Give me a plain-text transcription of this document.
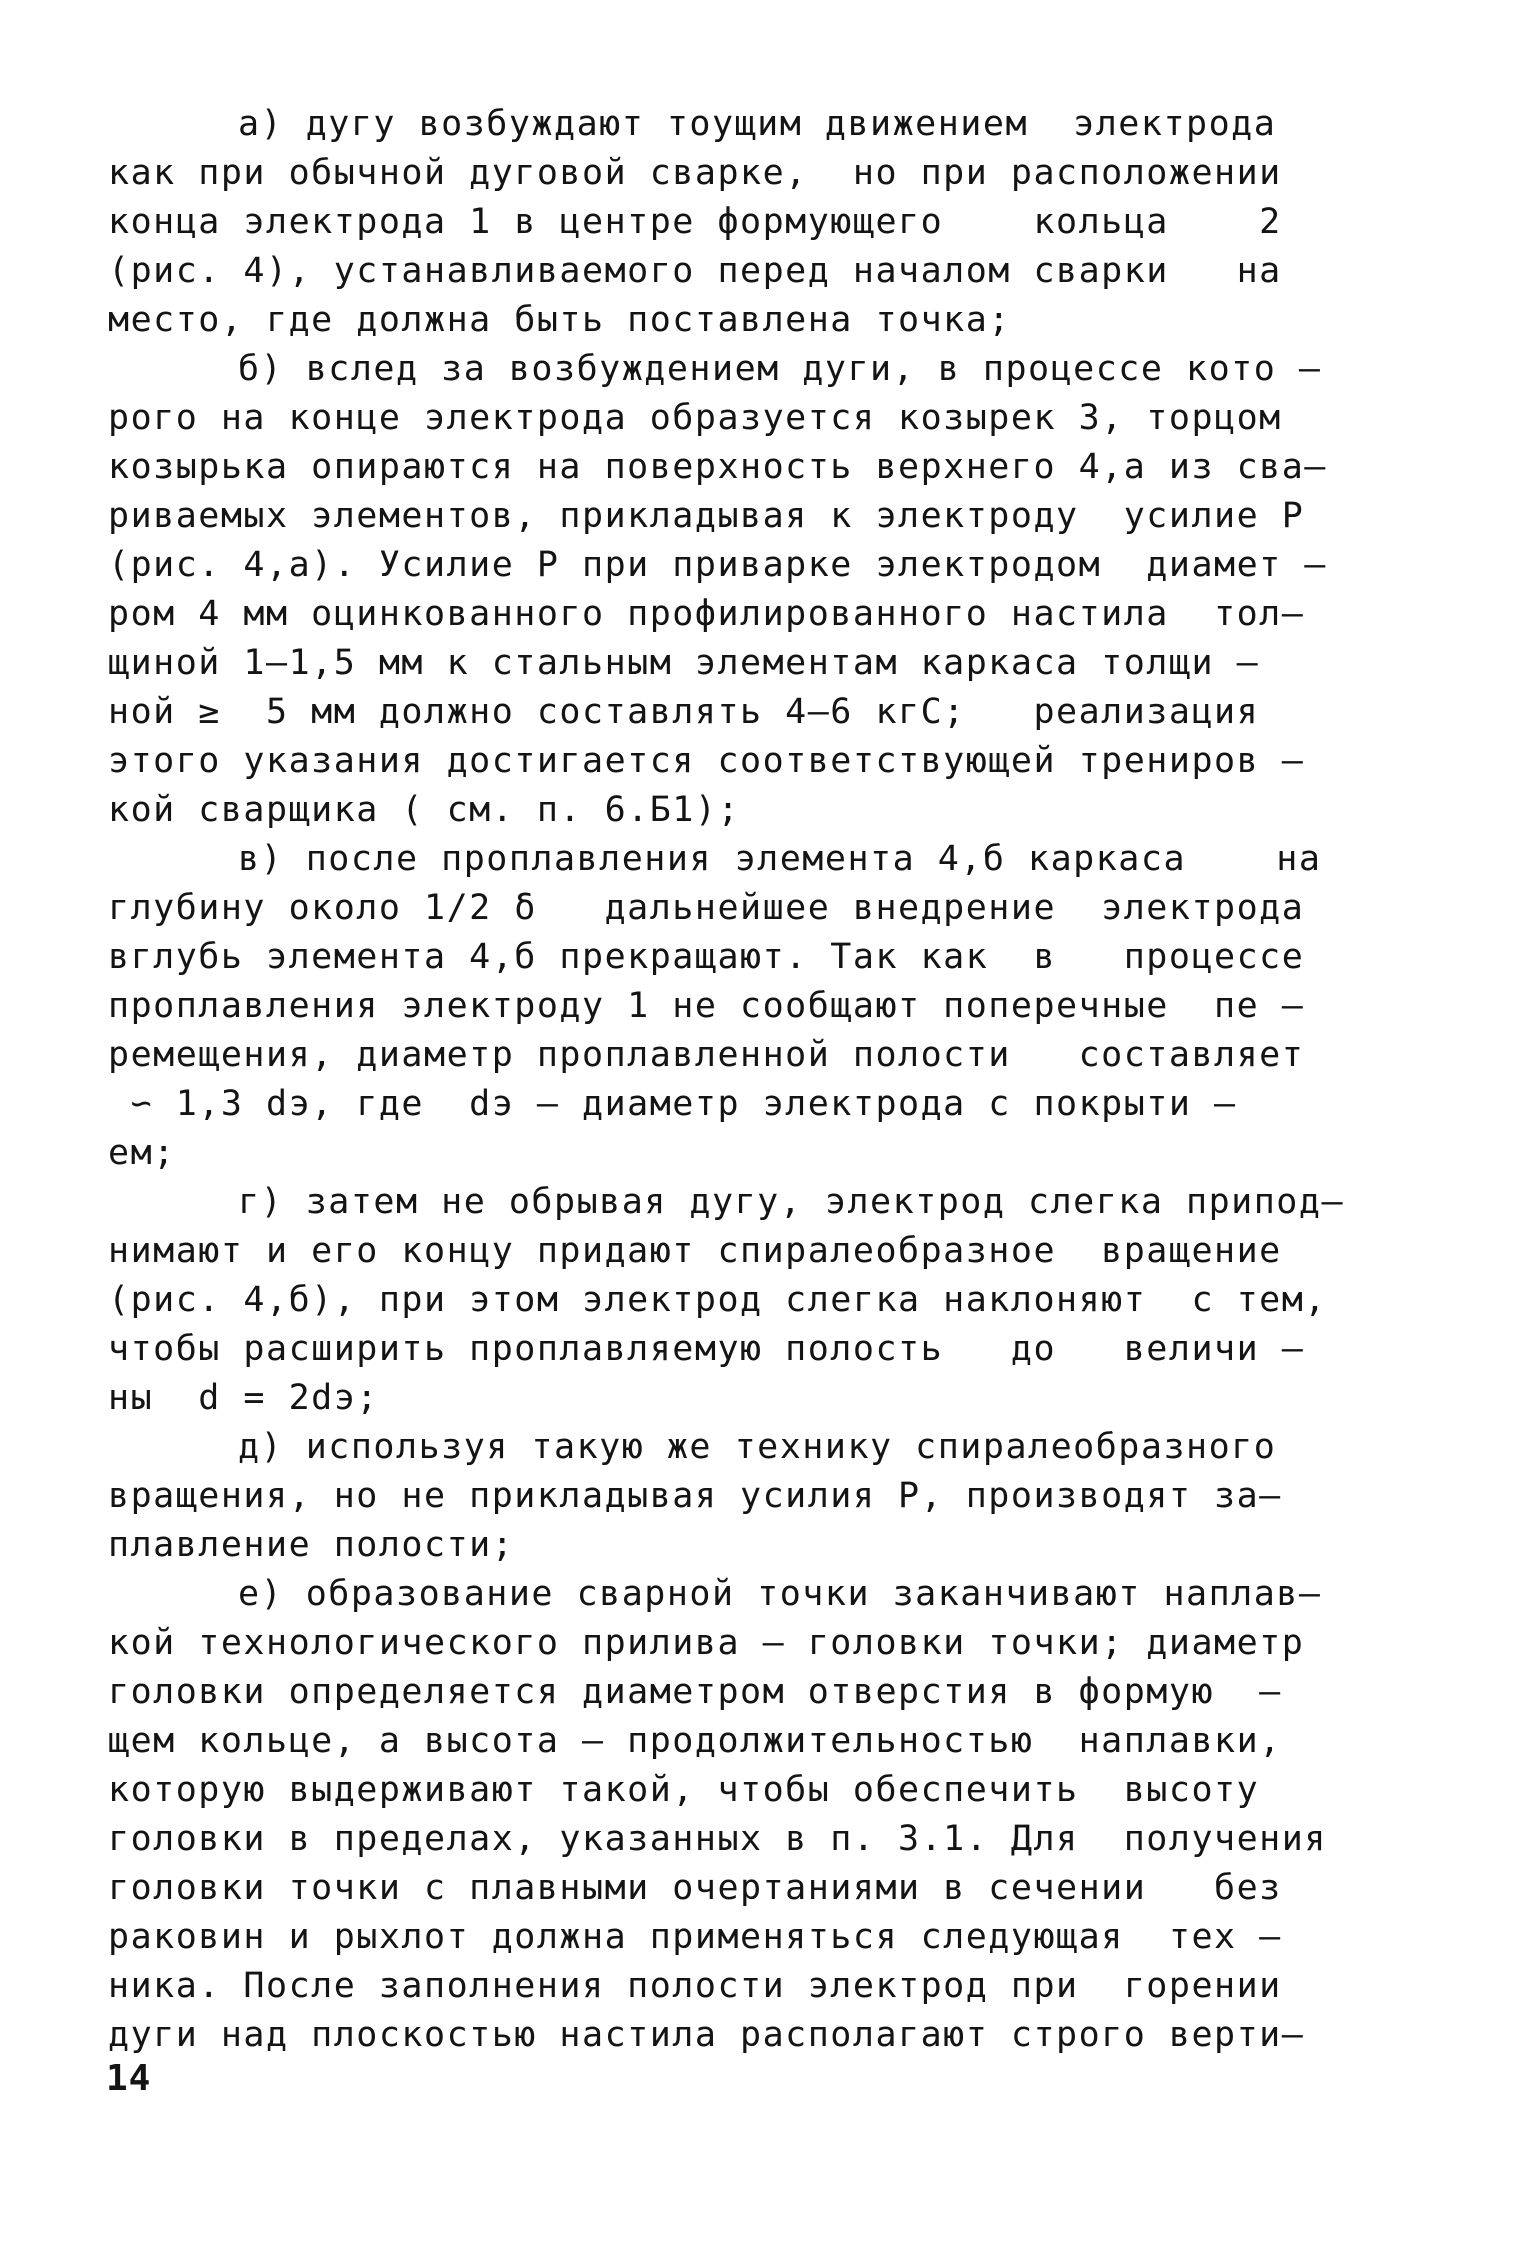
а) дугу возбуждают тоущим движением  электрода
как при обычной дуговой сварке,  но при расположении
конца электрода 1 в центре формующего    кольца    2
(рис. 4), устанавливаемого перед началом сварки   на
место, где должна быть поставлена точка;
б) вслед за возбуждением дуги, в процессе кото –
рого на конце электрода образуется козырек 3, торцом
козырька опираются на поверхность верхнего 4,а из сва–
риваемых элементов, прикладывая к электроду  усилие Р
(рис. 4,а). Усилие Р при приварке электродом  диамет –
ром 4 мм оцинкованного профилированного настила  тол–
щиной 1–1,5 мм к стальным элементам каркаса толщи –
ной ≥  5 мм должно составлять 4–6 кгС;   реализация
этого указания достигается соответствующей трениров –
кой сварщика ( см. п. 6.Б1);
в) после проплавления элемента 4,б каркаса    на
глубину около 1/2 δ   дальнейшее внедрение  электрода
вглубь элемента 4,б прекращают. Так как  в   процессе
проплавления электроду 1 не сообщают поперечные  пе –
ремещения, диаметр проплавленной полости   составляет
∽ 1,3 dэ, где  dэ – диаметр электрода с покрыти –
ем;
г) затем не обрывая дугу, электрод слегка припод–
нимают и его концу придают спиралеобразное  вращение
(рис. 4,б), при этом электрод слегка наклоняют  с тем,
чтобы расширить проплавляемую полость   до   величи –
ны  d = 2dэ;
д) используя такую же технику спиралеобразного
вращения, но не прикладывая усилия Р, производят за–
плавление полости;
е) образование сварной точки заканчивают наплав–
кой технологического прилива – головки точки; диаметр
головки определяется диаметром отверстия в формую  –
щем кольце, а высота – продолжительностью  наплавки,
которую выдерживают такой, чтобы обеспечить  высоту
головки в пределах, указанных в п. 3.1. Для  получения
головки точки с плавными очертаниями в сечении   без
раковин и рыхлот должна применяться следующая  тех –
ника. После заполнения полости электрод при  горении
дуги над плоскостью настила располагают строго верти–
14
